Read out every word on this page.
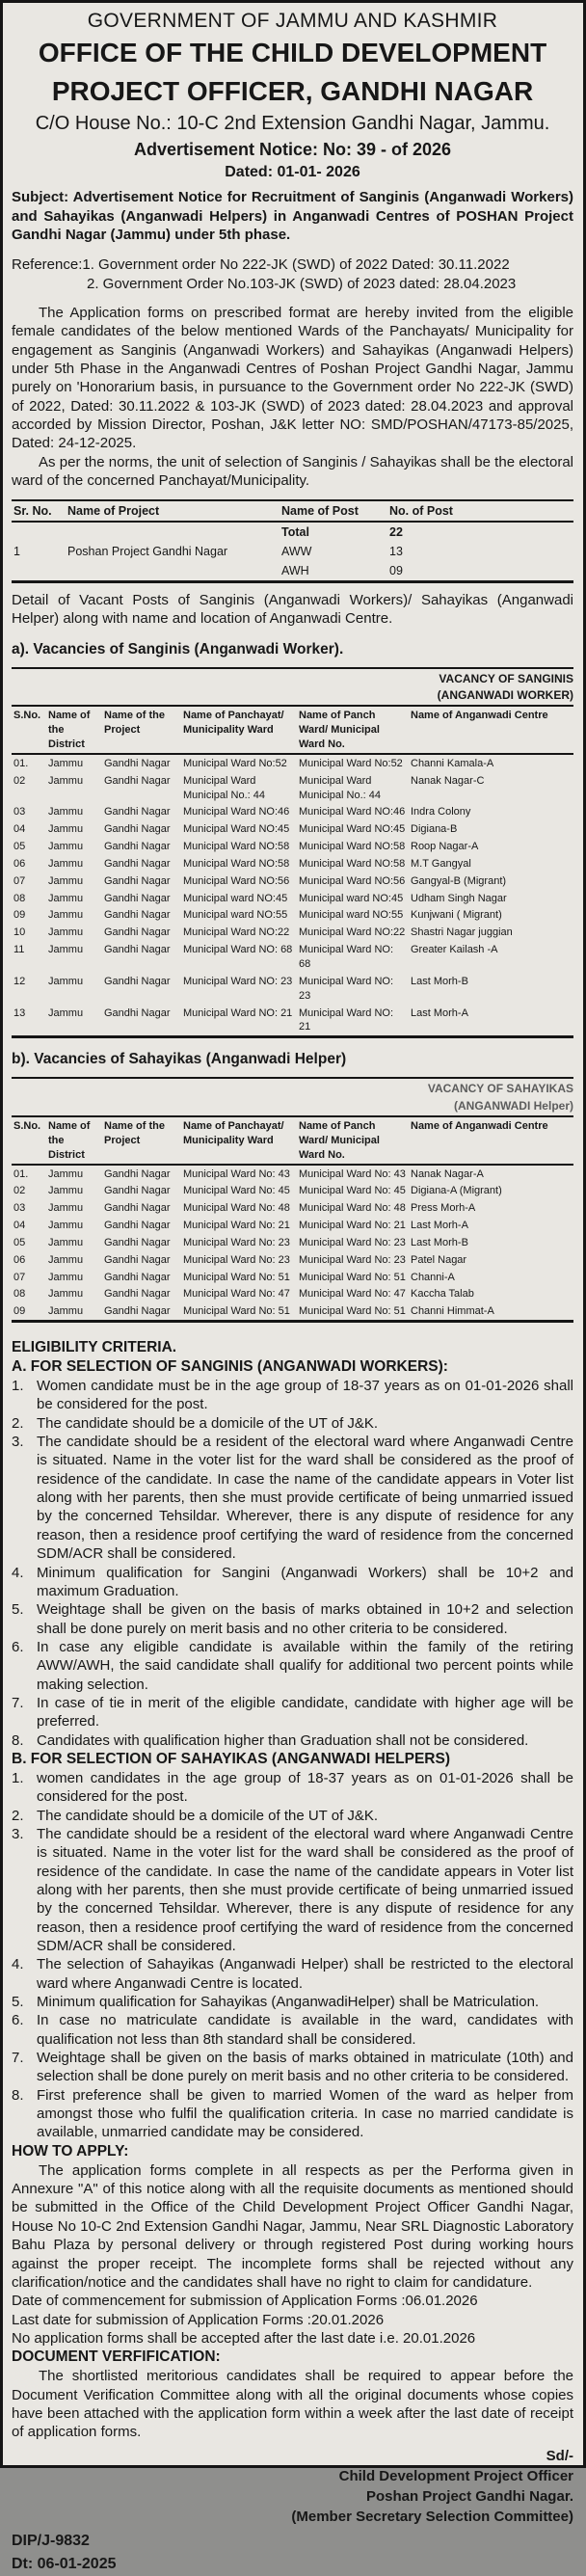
GOVERNMENT OF JAMMU AND KASHMIR
OFFICE OF THE CHILD DEVELOPMENT
PROJECT OFFICER, GANDHI NAGAR
C/O House No.: 10-C 2nd Extension Gandhi Nagar, Jammu.
Advertisement Notice: No: 39 - of 2026
Dated: 01-01- 2026
Subject: Advertisement Notice for Recruitment of Sanginis (Anganwadi Workers) and Sahayikas (Anganwadi Helpers) in Anganwadi Centres of POSHAN Project Gandhi Nagar (Jammu) under 5th phase.
Reference:1. Government order No 222-JK (SWD) of 2022 Dated: 30.11.2022
2. Government Order No.103-JK (SWD) of 2023 dated: 28.04.2023
The Application forms on prescribed format are hereby invited from the eligible female candidates of the below mentioned Wards of the Panchayats/ Municipality for engagement as Sanginis (Anganwadi Workers) and Sahayikas (Anganwadi Helpers) under 5th Phase in the Anganwadi Centres of Poshan Project Gandhi Nagar, Jammu purely on 'Honorarium basis, in pursuance to the Government order No 222-JK (SWD) of 2022, Dated: 30.11.2022 & 103-JK (SWD) of 2023 dated: 28.04.2023 and approval accorded by Mission Director, Poshan, J&K letter NO: SMD/POSHAN/47173-85/2025, Dated: 24-12-2025.
As per the norms, the unit of selection of Sanginis / Sahayikas shall be the electoral ward of the concerned Panchayat/Municipality.
Sr. No.	Name of Project	Name of Post	No. of Post
		Total	22
1	Poshan Project Gandhi Nagar	AWW	13
		AWH	09
Detail of Vacant Posts of Sanginis (Anganwadi Workers)/ Sahayikas (Anganwadi Helper) along with name and location of Anganwadi Centre.
a). Vacancies of Sanginis (Anganwadi Worker).
VACANCY OF SANGINIS
(ANGANWADI WORKER)
S.No.	Name of the District	Name of the Project	Name of Panchayat/ Municipality Ward	Name of Panch Ward/ Municipal Ward No.	Name of Anganwadi Centre
01.	Jammu	Gandhi Nagar	Municipal Ward No:52	Municipal Ward No:52	Channi Kamala-A
02	Jammu	Gandhi Nagar	Municipal Ward Municipal No.: 44	Municipal Ward Municipal No.: 44	Nanak Nagar-C
03	Jammu	Gandhi Nagar	Municipal Ward NO:46	Municipal Ward NO:46	Indra Colony
04	Jammu	Gandhi Nagar	Municipal Ward NO:45	Municipal Ward NO:45	Digiana-B
05	Jammu	Gandhi Nagar	Municipal Ward NO:58	Municipal Ward NO:58	Roop Nagar-A
06	Jammu	Gandhi Nagar	Municipal Ward NO:58	Municipal Ward NO:58	M.T Gangyal
07	Jammu	Gandhi Nagar	Municipal Ward NO:56	Municipal Ward NO:56	Gangyal-B (Migrant)
08	Jammu	Gandhi Nagar	Municipal ward NO:45	Municipal ward NO:45	Udham Singh Nagar
09	Jammu	Gandhi Nagar	Municipal ward NO:55	Municipal ward NO:55	Kunjwani ( Migrant)
10	Jammu	Gandhi Nagar	Municipal Ward NO:22	Municipal Ward NO:22	Shastri Nagar juggian
11	Jammu	Gandhi Nagar	Municipal Ward NO: 68	Municipal Ward NO: 68	Greater Kailash -A
12	Jammu	Gandhi Nagar	Municipal Ward NO: 23	Municipal Ward NO: 23	Last Morh-B
13	Jammu	Gandhi Nagar	Municipal Ward NO: 21	Municipal Ward NO: 21	Last Morh-A
b). Vacancies of Sahayikas (Anganwadi Helper)
VACANCY OF SAHAYIKAS
(ANGANWADI Helper)
S.No.	Name of the District	Name of the Project	Name of Panchayat/ Municipality Ward	Name of Panch Ward/ Municipal Ward No.	Name of Anganwadi Centre
01.	Jammu	Gandhi Nagar	Municipal Ward No: 43	Municipal Ward No: 43	Nanak Nagar-A
02	Jammu	Gandhi Nagar	Municipal Ward No: 45	Municipal Ward No: 45	Digiana-A (Migrant)
03	Jammu	Gandhi Nagar	Municipal Ward No: 48	Municipal Ward No: 48	Press Morh-A
04	Jammu	Gandhi Nagar	Municipal Ward No: 21	Municipal Ward No: 21	Last Morh-A
05	Jammu	Gandhi Nagar	Municipal Ward No: 23	Municipal Ward No: 23	Last Morh-B
06	Jammu	Gandhi Nagar	Municipal Ward No: 23	Municipal Ward No: 23	Patel Nagar
07	Jammu	Gandhi Nagar	Municipal Ward No: 51	Municipal Ward No: 51	Channi-A
08	Jammu	Gandhi Nagar	Municipal Ward No: 47	Municipal Ward No: 47	Kaccha Talab
09	Jammu	Gandhi Nagar	Municipal Ward No: 51	Municipal Ward No: 51	Channi Himmat-A
ELIGIBILITY CRITERIA.
A. FOR SELECTION OF SANGINIS (ANGANWADI WORKERS):
1. Women candidate must be in the age group of 18-37 years as on 01-01-2026 shall be considered for the post.
2. The candidate should be a domicile of the UT of J&K.
3. The candidate should be a resident of the electoral ward where Anganwadi Centre is situated. Name in the voter list for the ward shall be considered as the proof of residence of the candidate. In case the name of the candidate appears in Voter list along with her parents, then she must provide certificate of being unmarried issued by the concerned Tehsildar. Wherever, there is any dispute of residence for any reason, then a residence proof certifying the ward of residence from the concerned SDM/ACR shall be considered.
4. Minimum qualification for Sangini (Anganwadi Workers) shall be 10+2 and maximum Graduation.
5. Weightage shall be given on the basis of marks obtained in 10+2 and selection shall be done purely on merit basis and no other criteria to be considered.
6. In case any eligible candidate is available within the family of the retiring AWW/AWH, the said candidate shall qualify for additional two percent points while making selection.
7. In case of tie in merit of the eligible candidate, candidate with higher age will be preferred.
8. Candidates with qualification higher than Graduation shall not be considered.
B. FOR SELECTION OF SAHAYIKAS (ANGANWADI HELPERS)
1. women candidates in the age group of 18-37 years as on 01-01-2026 shall be considered for the post.
2. The candidate should be a domicile of the UT of J&K.
3. The candidate should be a resident of the electoral ward where Anganwadi Centre is situated. Name in the voter list for the ward shall be considered as the proof of residence of the candidate. In case the name of the candidate appears in Voter list along with her parents, then she must provide certificate of being unmarried issued by the concerned Tehsildar. Wherever, there is any dispute of residence for any reason, then a residence proof certifying the ward of residence from the concerned SDM/ACR shall be considered.
4. The selection of Sahayikas (Anganwadi Helper) shall be restricted to the electoral ward where Anganwadi Centre is located.
5. Minimum qualification for Sahayikas (AnganwadiHelper) shall be Matriculation.
6. In case no matriculate candidate is available in the ward, candidates with qualification not less than 8th standard shall be considered.
7. Weightage shall be given on the basis of marks obtained in matriculate (10th) and selection shall be done purely on merit basis and no other criteria to be considered.
8. First preference shall be given to married Women of the ward as helper from amongst those who fulfil the qualification criteria. In case no married candidate is available, unmarried candidate may be considered.
HOW TO APPLY:
The application forms complete in all respects as per the Performa given in Annexure "A" of this notice along with all the requisite documents as mentioned should be submitted in the Office of the Child Development Project Officer Gandhi Nagar, House No 10-C 2nd Extension Gandhi Nagar, Jammu, Near SRL Diagnostic Laboratory Bahu Plaza by personal delivery or through registered Post during working hours against the proper receipt. The incomplete forms shall be rejected without any clarification/notice and the candidates shall have no right to claim for candidature.
Date of commencement for submission of Application Forms :06.01.2026
Last date for submission of Application Forms :20.01.2026
No application forms shall be accepted after the last date i.e. 20.01.2026
DOCUMENT VERFIFICATION:
The shortlisted meritorious candidates shall be required to appear before the Document Verification Committee along with all the original documents whose copies have been attached with the application form within a week after the last date of receipt of application forms.
Sd/-
Child Development Project Officer
Poshan Project Gandhi Nagar.
(Member Secretary Selection Committee)
DIP/J-9832
Dt: 06-01-2025
